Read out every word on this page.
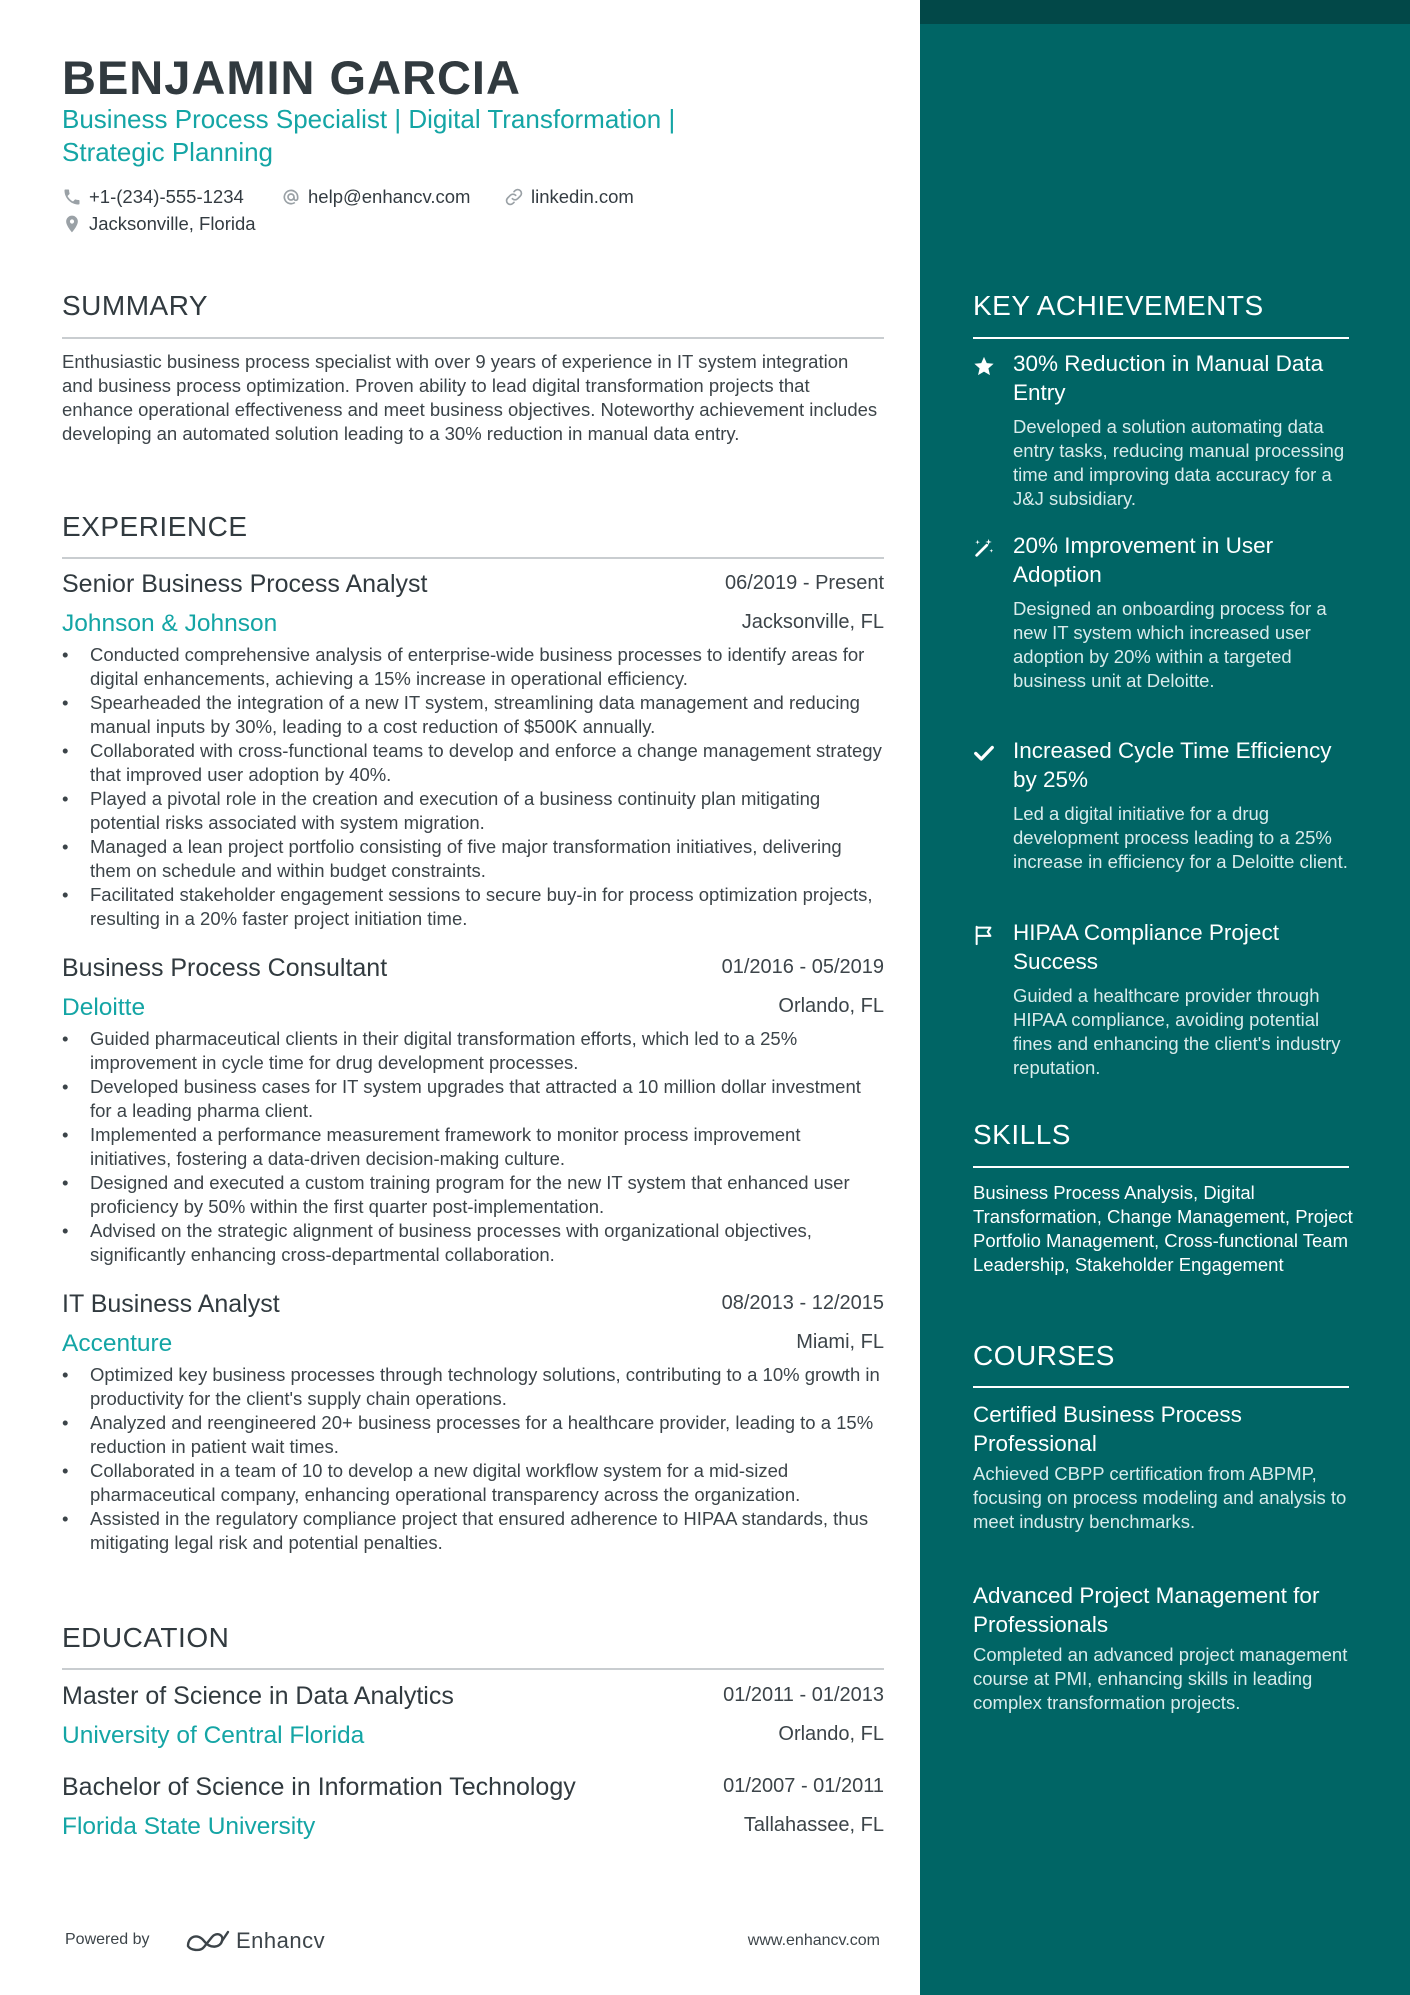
BENJAMIN GARCIA
Business Process Specialist | Digital Transformation |
Strategic Planning
+1-(234)-555-1234	help@enhancv.com	linkedin.com
Jacksonville, Florida
SUMMARY
Enthusiastic business process specialist with over 9 years of experience in IT system integration and business process optimization. Proven ability to lead digital transformation projects that enhance operational effectiveness and meet business objectives. Noteworthy achievement includes developing an automated solution leading to a 30% reduction in manual data entry.
EXPERIENCE
Senior Business Process Analyst	06/2019 - Present
Johnson & Johnson	Jacksonville, FL
• Conducted comprehensive analysis of enterprise-wide business processes to identify areas for digital enhancements, achieving a 15% increase in operational efficiency.
• Spearheaded the integration of a new IT system, streamlining data management and reducing manual inputs by 30%, leading to a cost reduction of $500K annually.
• Collaborated with cross-functional teams to develop and enforce a change management strategy that improved user adoption by 40%.
• Played a pivotal role in the creation and execution of a business continuity plan mitigating potential risks associated with system migration.
• Managed a lean project portfolio consisting of five major transformation initiatives, delivering them on schedule and within budget constraints.
• Facilitated stakeholder engagement sessions to secure buy-in for process optimization projects, resulting in a 20% faster project initiation time.
Business Process Consultant	01/2016 - 05/2019
Deloitte	Orlando, FL
• Guided pharmaceutical clients in their digital transformation efforts, which led to a 25% improvement in cycle time for drug development processes.
• Developed business cases for IT system upgrades that attracted a 10 million dollar investment for a leading pharma client.
• Implemented a performance measurement framework to monitor process improvement initiatives, fostering a data-driven decision-making culture.
• Designed and executed a custom training program for the new IT system that enhanced user proficiency by 50% within the first quarter post-implementation.
• Advised on the strategic alignment of business processes with organizational objectives, significantly enhancing cross-departmental collaboration.
IT Business Analyst	08/2013 - 12/2015
Accenture	Miami, FL
• Optimized key business processes through technology solutions, contributing to a 10% growth in productivity for the client's supply chain operations.
• Analyzed and reengineered 20+ business processes for a healthcare provider, leading to a 15% reduction in patient wait times.
• Collaborated in a team of 10 to develop a new digital workflow system for a mid-sized pharmaceutical company, enhancing operational transparency across the organization.
• Assisted in the regulatory compliance project that ensured adherence to HIPAA standards, thus mitigating legal risk and potential penalties.
EDUCATION
Master of Science in Data Analytics	01/2011 - 01/2013
University of Central Florida	Orlando, FL
Bachelor of Science in Information Technology	01/2007 - 01/2011
Florida State University	Tallahassee, FL
Powered by	Enhancv	www.enhancv.com
KEY ACHIEVEMENTS
30% Reduction in Manual Data Entry
Developed a solution automating data entry tasks, reducing manual processing time and improving data accuracy for a J&J subsidiary.
20% Improvement in User Adoption
Designed an onboarding process for a new IT system which increased user adoption by 20% within a targeted business unit at Deloitte.
Increased Cycle Time Efficiency by 25%
Led a digital initiative for a drug development process leading to a 25% increase in efficiency for a Deloitte client.
HIPAA Compliance Project Success
Guided a healthcare provider through HIPAA compliance, avoiding potential fines and enhancing the client's industry reputation.
SKILLS
Business Process Analysis, Digital Transformation, Change Management, Project Portfolio Management, Cross-functional Team Leadership, Stakeholder Engagement
COURSES
Certified Business Process Professional
Achieved CBPP certification from ABPMP, focusing on process modeling and analysis to meet industry benchmarks.
Advanced Project Management for Professionals
Completed an advanced project management course at PMI, enhancing skills in leading complex transformation projects.
